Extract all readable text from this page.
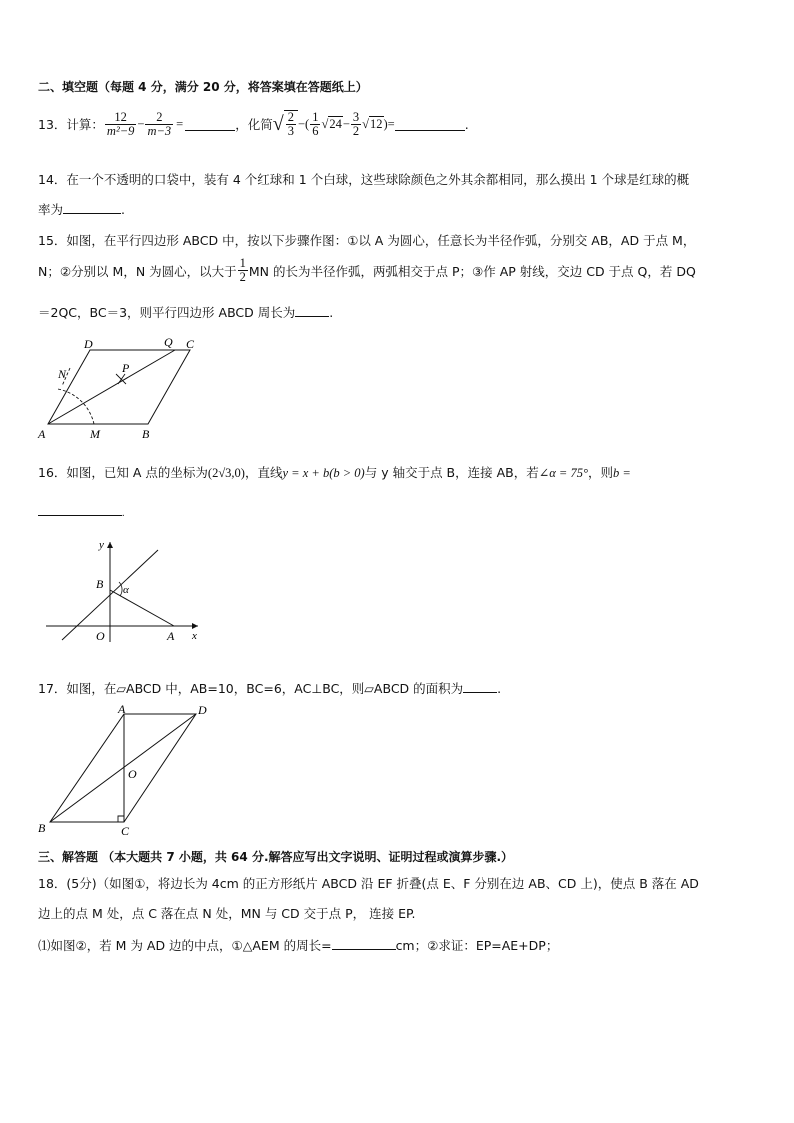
二、填空题（每题 4 分，满分 20 分，将答案填在答题纸上）
13． 计算： $\frac{12}{\text{m²−9}} - \frac{2}{m-3}$ =	，化简 √ $\frac{2}{3}$ −( $\frac{1}{6} √24 - \frac{3}{2} √12$ )=	.
14．在一个不透明的口袋中，装有 4 个红球和 1 个白球，这些球除颜色之外其余都相同，那么摸出 1 个球是红球的概
率为	.
15．如图，在平行四边形 ABCD 中，按以下步骤作图：①以 A 为圆心，任意长为半径作弧，分别交 AB，AD 于点 M，
N；②分别以 M，N 为圆心，以大于 $\frac{1}{2}$ MN 的长为半径作弧，两弧相交于点 P；③作 AP 射线，交边 CD 于点 Q，若 DQ
＝2QC，BC＝3，则平行四边形 ABCD 周长为	.
A	B
C
D
M
N	P
Q
16．如图，已知 A 点的坐标为(2√3,0)，直线y = x + b(b > 0)与 y 轴交于点 B，连接 AB，若∠α = 75°，则b =
.
y
x
B
O	A
α
17．如图，在▱ABCD 中，AB=10，BC=6，AC⊥BC，则▱ABCD 的面积为	.
A	D
B	C
O
三、解答题 （本大题共 7 小题，共 64 分.解答应写出文字说明、证明过程或演算步骤.）
18．(5分)（如图①，将边长为 4cm 的正方形纸片 ABCD 沿 EF 折叠(点 E、F 分别在边 AB、CD 上)，使点 B 落在 AD
边上的点 M 处，点 C 落在点 N 处，MN 与 CD 交于点 P， 连接 EP.
⑴如图②，若 M 为 AD 边的中点，①△AEM 的周长=	cm；②求证：EP=AE+DP；
